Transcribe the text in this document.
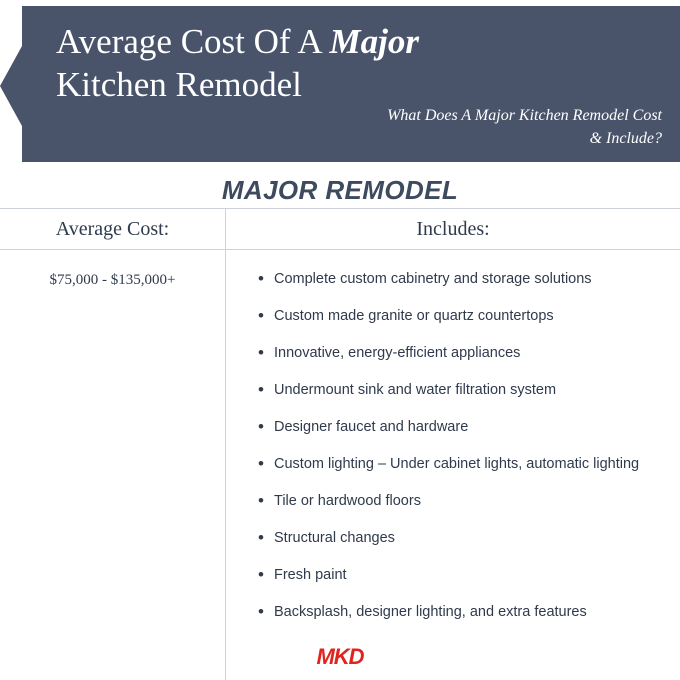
Average Cost Of A Major
Kitchen Remodel
What Does A Major Kitchen Remodel Cost
& Include?
MAJOR REMODEL
Average Cost:
$75,000 - $135,000+
Includes:
• Complete custom cabinetry and storage solutions
• Custom made granite or quartz countertops
• Innovative, energy-efficient appliances
• Undermount sink and water filtration system
• Designer faucet and hardware
• Custom lighting – Under cabinet lights, automatic lighting
• Tile or hardwood floors
• Structural changes
• Fresh paint
• Backsplash, designer lighting, and extra features
MKD
